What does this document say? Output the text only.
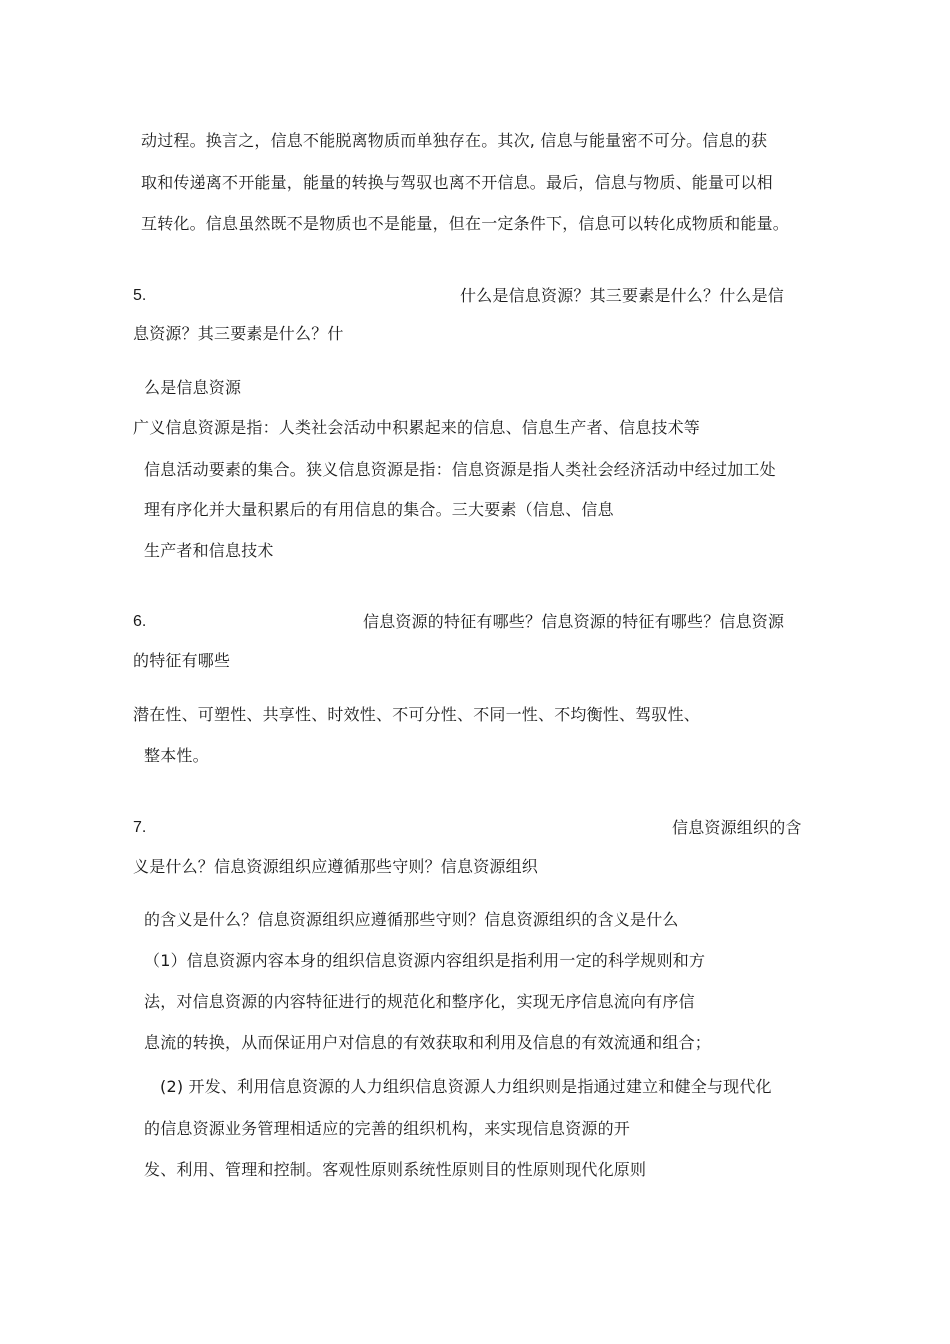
动过程。换言之，信息不能脱离物质而单独存在。其次, 信息与能量密不可分。信息的获
取和传递离不开能量，能量的转换与驾驭也离不开信息。最后，信息与物质、能量可以相
互转化。信息虽然既不是物质也不是能量，但在一定条件下，信息可以转化成物质和能量。
5.	什么是信息资源？其三要素是什么？什么是信
息资源？其三要素是什么？什
么是信息资源
广义信息资源是指：人类社会活动中积累起来的信息、信息生产者、信息技术等
信息活动要素的集合。狭义信息资源是指：信息资源是指人类社会经济活动中经过加工处
理有序化并大量积累后的有用信息的集合。三大要素（信息、信息
生产者和信息技术
6.	信息资源的特征有哪些？信息资源的特征有哪些？信息资源
的特征有哪些
潜在性、可塑性、共享性、时效性、不可分性、不同一性、不均衡性、驾驭性、
整本性。
7.	信息资源组织的含
义是什么？信息资源组织应遵循那些守则？信息资源组织
的含义是什么？信息资源组织应遵循那些守则？信息资源组织的含义是什么
（1）信息资源内容本身的组织信息资源内容组织是指利用一定的科学规则和方
法，对信息资源的内容特征进行的规范化和整序化，实现无序信息流向有序信
息流的转换，从而保证用户对信息的有效获取和利用及信息的有效流通和组合；
(2) 开发、利用信息资源的人力组织信息资源人力组织则是指通过建立和健全与现代化
的信息资源业务管理相适应的完善的组织机构，来实现信息资源的开
发、利用、管理和控制。客观性原则系统性原则目的性原则现代化原则
